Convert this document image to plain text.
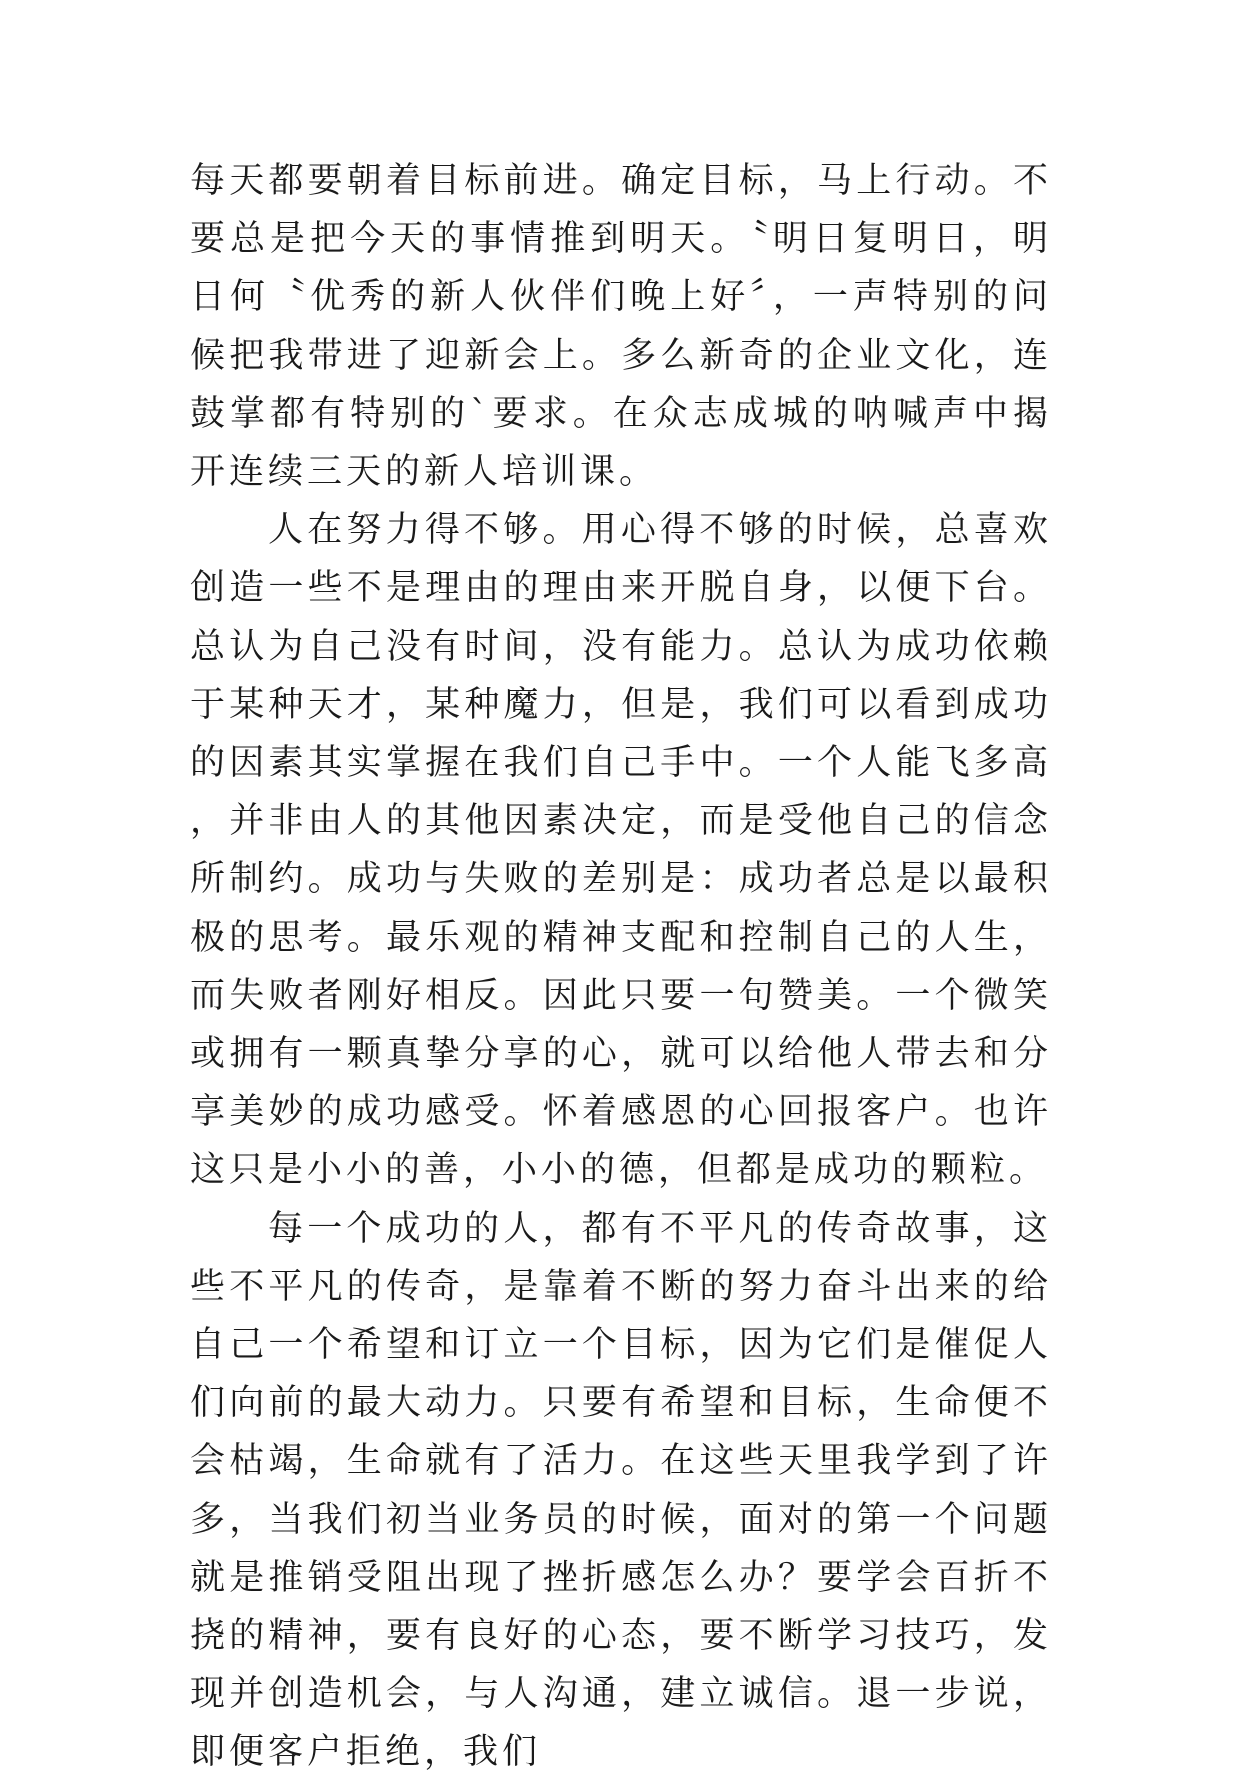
每天都要朝着目标前进。确定目标，马上行动。不要总是把今天的事情推到明天。〝明日复明日，明日何〝优秀的新人伙伴们晚上好〞，一声特别的问候把我带进了迎新会上。多么新奇的企业文化，连鼓掌都有特别的`要求。在众志成城的呐喊声中揭开连续三天的新人培训课。

人在努力得不够。用心得不够的时候，总喜欢创造一些不是理由的理由来开脱自身，以便下台。总认为自己没有时间，没有能力。总认为成功依赖于某种天才，某种魔力，但是，我们可以看到成功的因素其实掌握在我们自己手中。一个人能飞多高，并非由人的其他因素决定，而是受他自己的信念所制约。成功与失败的差别是：成功者总是以最积极的思考。最乐观的精神支配和控制自己的人生，而失败者刚好相反。因此只要一句赞美。一个微笑或拥有一颗真挚分享的心，就可以给他人带去和分享美妙的成功感受。怀着感恩的心回报客户。也许这只是小小的善，小小的德，但都是成功的颗粒。

每一个成功的人，都有不平凡的传奇故事，这些不平凡的传奇，是靠着不断的努力奋斗出来的给自己一个希望和订立一个目标，因为它们是催促人们向前的最大动力。只要有希望和目标，生命便不会枯竭，生命就有了活力。在这些天里我学到了许多，当我们初当业务员的时候，面对的第一个问题就是推销受阻出现了挫折感怎么办？要学会百折不挠的精神，要有良好的心态，要不断学习技巧，发现并创造机会，与人沟通，建立诚信。退一步说，即便客户拒绝，我们
